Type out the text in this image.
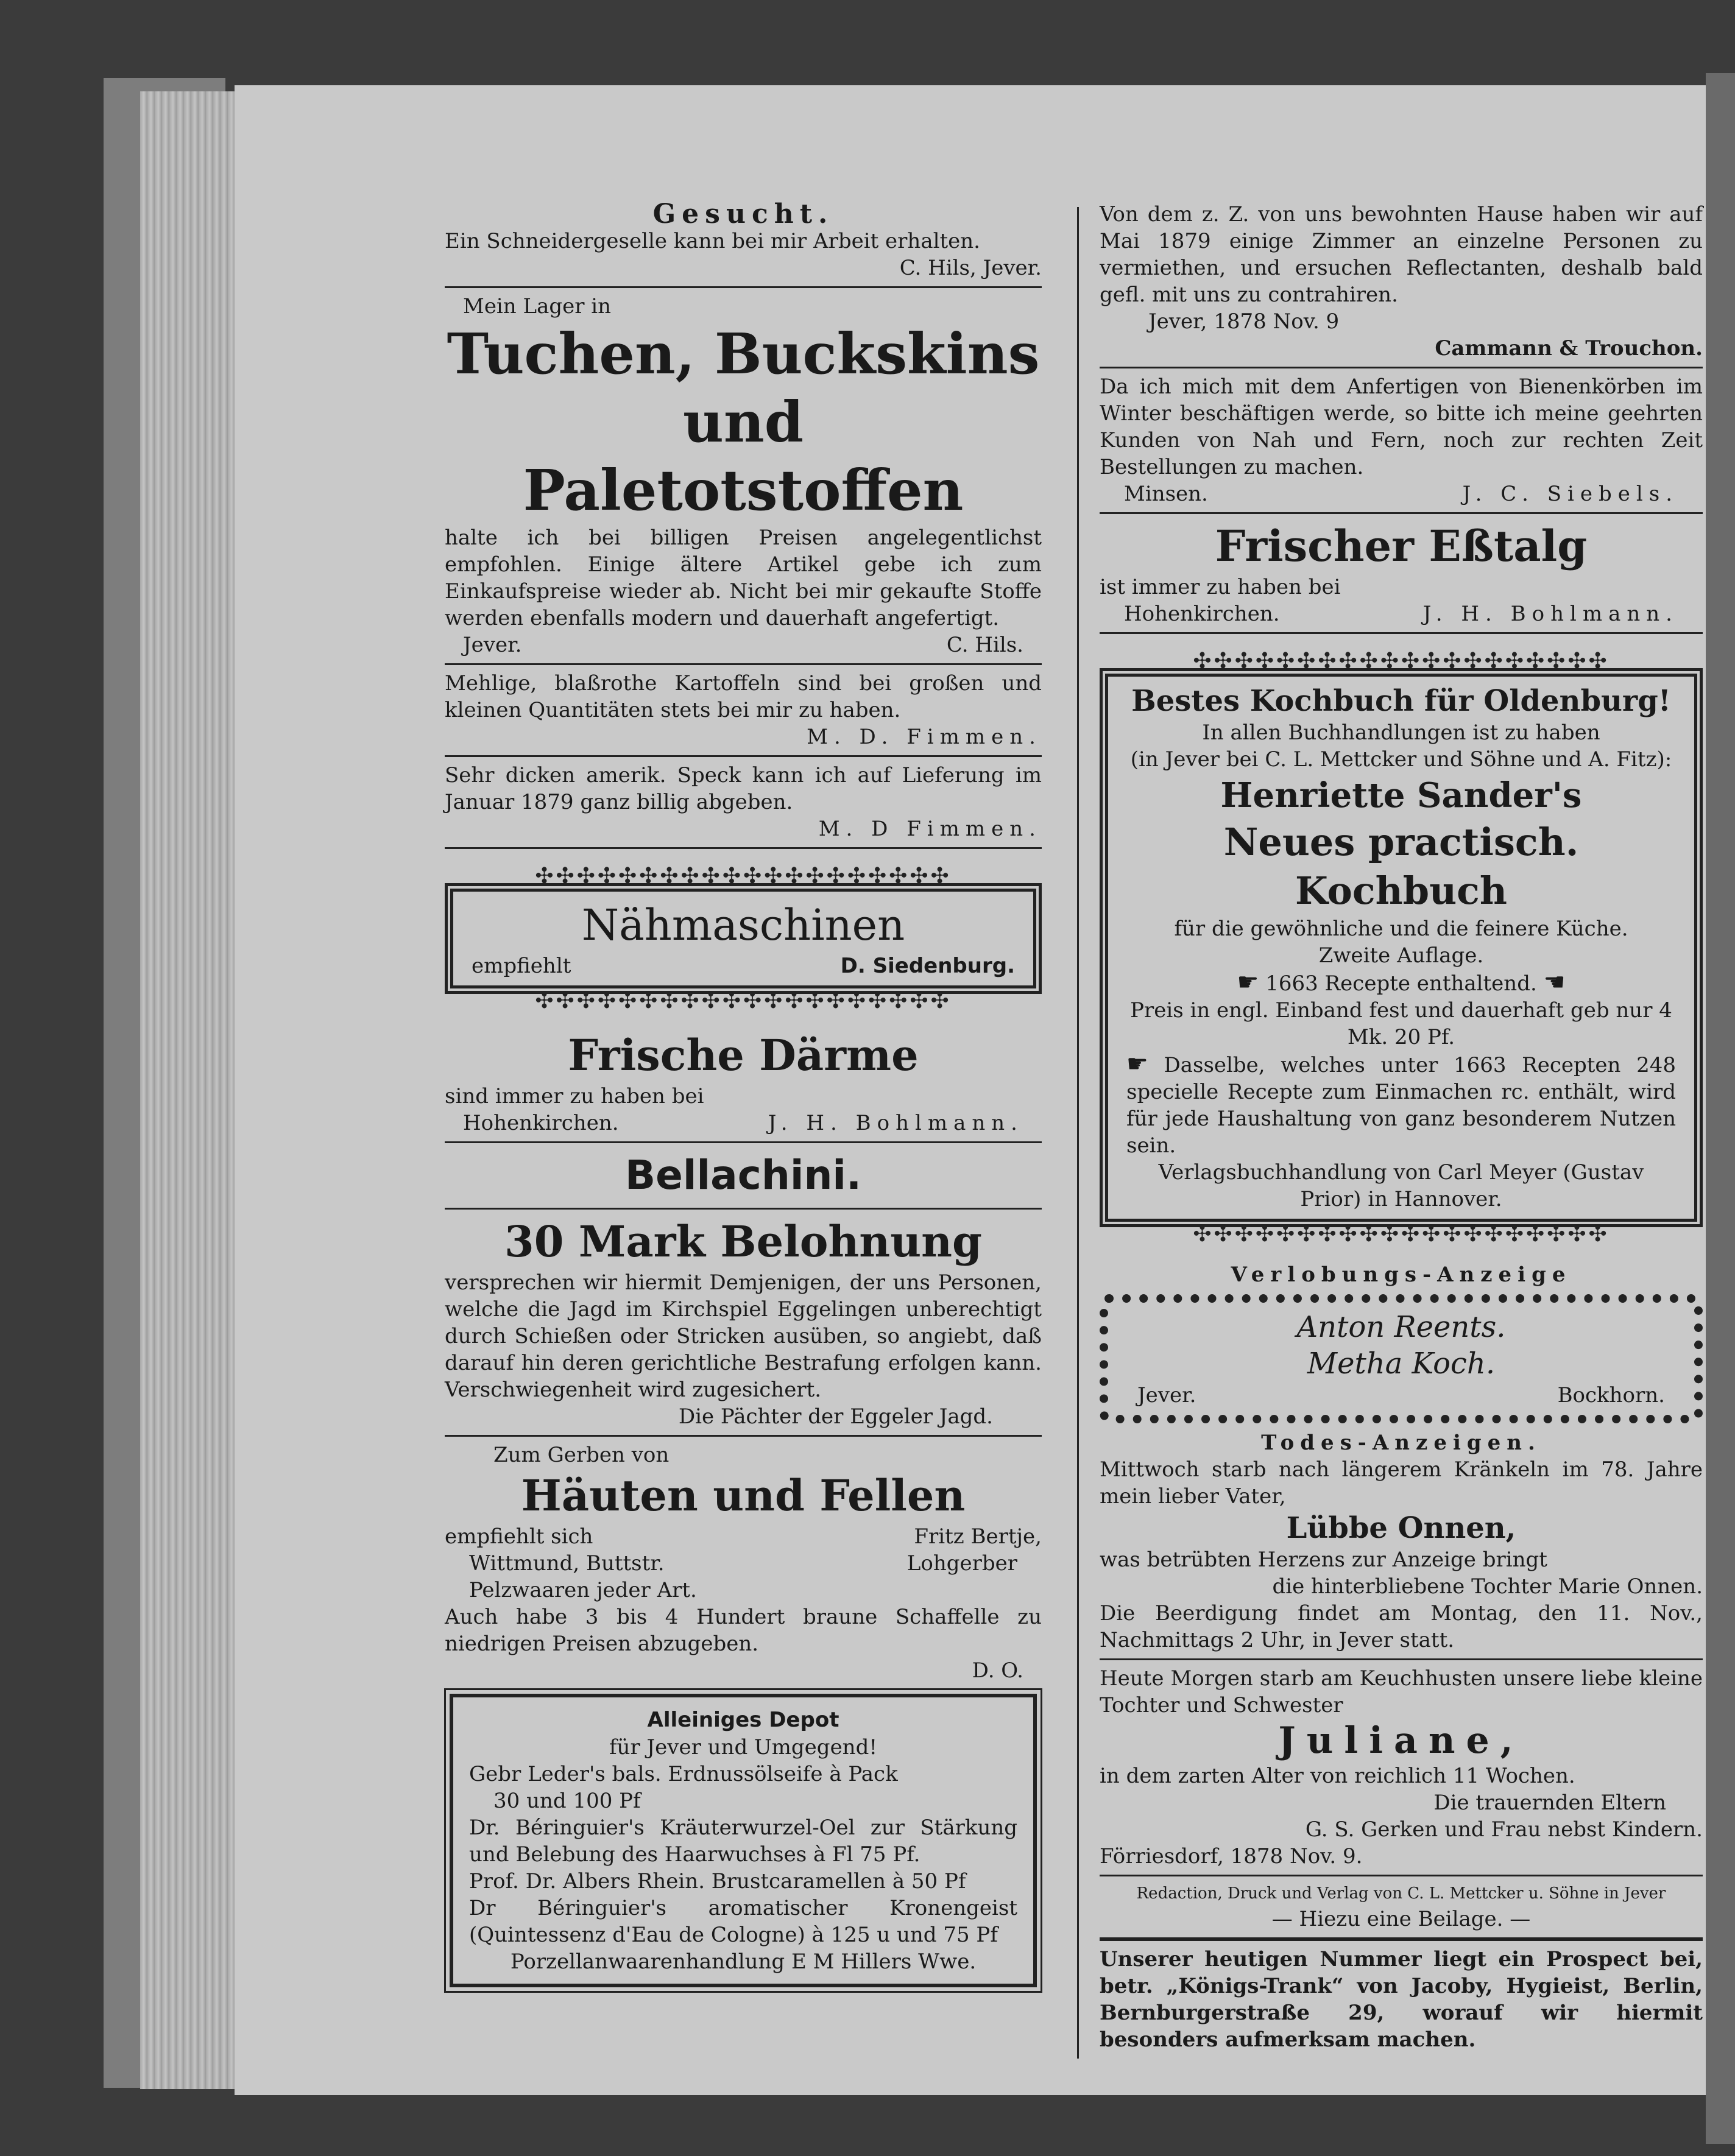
Gesucht.

Ein Schneidergeselle kann bei mir Arbeit erhalten.

C. Hils, Jever.

Mein Lager in

Tuchen, Buckskins und

Paletotstoffen

halte ich bei billigen Preisen angelegentlichst empfohlen. Einige ältere Artikel gebe ich zum Einkaufspreise wieder ab. Nicht bei mir gekaufte Stoffe werden ebenfalls modern und dauerhaft angefertigt.

Jever.	C. Hils.

Mehlige, blaßrothe Kartoffeln sind bei großen und kleinen Quantitäten stets bei mir zu haben.

M. D. Fimmen.

Sehr dicken amerik. Speck kann ich auf Lieferung im Januar 1879 ganz billig abgeben.

M. D Fimmen.

✣✣✣✣✣✣✣✣✣✣✣✣✣✣✣✣✣✣✣✣ Nähmaschinen

empfiehlt	D. Siedenburg.
✣✣✣✣✣✣✣✣✣✣✣✣✣✣✣✣✣✣✣✣

Frische Därme

sind immer zu haben bei

Hohenkirchen.	J. H. Bohlmann.

Bellachini.

30 Mark Belohnung

versprechen wir hiermit Demjenigen, der uns Personen, welche die Jagd im Kirchspiel Eggelingen unberechtigt durch Schießen oder Stricken ausüben, so angiebt, daß darauf hin deren gerichtliche Bestrafung erfolgen kann. Verschwiegenheit wird zugesichert.

Die Pächter der Eggeler Jagd.

Zum Gerben von

Häuten und Fellen

empfiehlt sich	Fritz Bertje,
Wittmund, Buttstr.	Lohgerber

Pelzwaaren jeder Art.

Auch habe 3 bis 4 Hundert braune Schaffelle zu niedrigen Preisen abzugeben.

D. O.

Alleiniges Depot

für Jever und Umgegend!

Gebr Leder's bals. Erdnussölseife à Pack

30 und 100 Pf

Dr. Béringuier's Kräuterwurzel-Oel zur Stärkung und Belebung des Haarwuchses à Fl 75 Pf.

Prof. Dr. Albers Rhein. Brustcaramellen à 50 Pf

Dr Béringuier's aromatischer Kronengeist (Quintessenz d'Eau de Cologne) à 125 u und 75 Pf

Porzellanwaarenhandlung E M Hillers Wwe.

Von dem z. Z. von uns bewohnten Hause haben wir auf Mai 1879 einige Zimmer an einzelne Personen zu vermiethen, und ersuchen Reflectanten, deshalb bald gefl. mit uns zu contrahiren.

Jever, 1878 Nov. 9

Cammann & Trouchon.

Da ich mich mit dem Anfertigen von Bienenkörben im Winter beschäftigen werde, so bitte ich meine geehrten Kunden von Nah und Fern, noch zur rechten Zeit Bestellungen zu machen.

Minsen.	J. C. Siebels.

Frischer Eßtalg

ist immer zu haben bei

Hohenkirchen.	J. H. Bohlmann.

✣✣✣✣✣✣✣✣✣✣✣✣✣✣✣✣✣✣✣✣ Bestes Kochbuch für Oldenburg!

In allen Buchhandlungen ist zu haben

(in Jever bei C. L. Mettcker und Söhne und A. Fitz):

Henriette Sander's

Neues practisch. Kochbuch

für die gewöhnliche und die feinere Küche.

Zweite Auflage.

☛ 1663 Recepte enthaltend. ☚

Preis in engl. Einband fest und dauerhaft geb nur 4 Mk. 20 Pf.

☛ Dasselbe, welches unter 1663 Recepten 248 specielle Recepte zum Einmachen rc. enthält, wird für jede Haushaltung von ganz besonderem Nutzen sein.

Verlagsbuchhandlung von Carl Meyer (Gustav Prior) in Hannover.

✣✣✣✣✣✣✣✣✣✣✣✣✣✣✣✣✣✣✣✣

Verlobungs-Anzeige

Anton Reents.

Metha Koch.

Jever.	Bockhorn.

Todes-Anzeigen.

Mittwoch starb nach längerem Kränkeln im 78. Jahre mein lieber Vater,

Lübbe Onnen,

was betrübten Herzens zur Anzeige bringt

die hinterbliebene Tochter Marie Onnen.

Die Beerdigung findet am Montag, den 11. Nov., Nachmittags 2 Uhr, in Jever statt.

Heute Morgen starb am Keuchhusten unsere liebe kleine Tochter und Schwester

Juliane,

in dem zarten Alter von reichlich 11 Wochen.

Die trauernden Eltern

G. S. Gerken und Frau nebst Kindern.

Förriesdorf, 1878 Nov. 9.

Redaction, Druck und Verlag von C. L. Mettcker u. Söhne in Jever

— Hiezu eine Beilage. —

Unserer heutigen Nummer liegt ein Prospect bei, betr. „Königs-Trank“ von Jacoby, Hygieist, Berlin, Bernburgerstraße 29, worauf wir hiermit besonders aufmerksam machen.
